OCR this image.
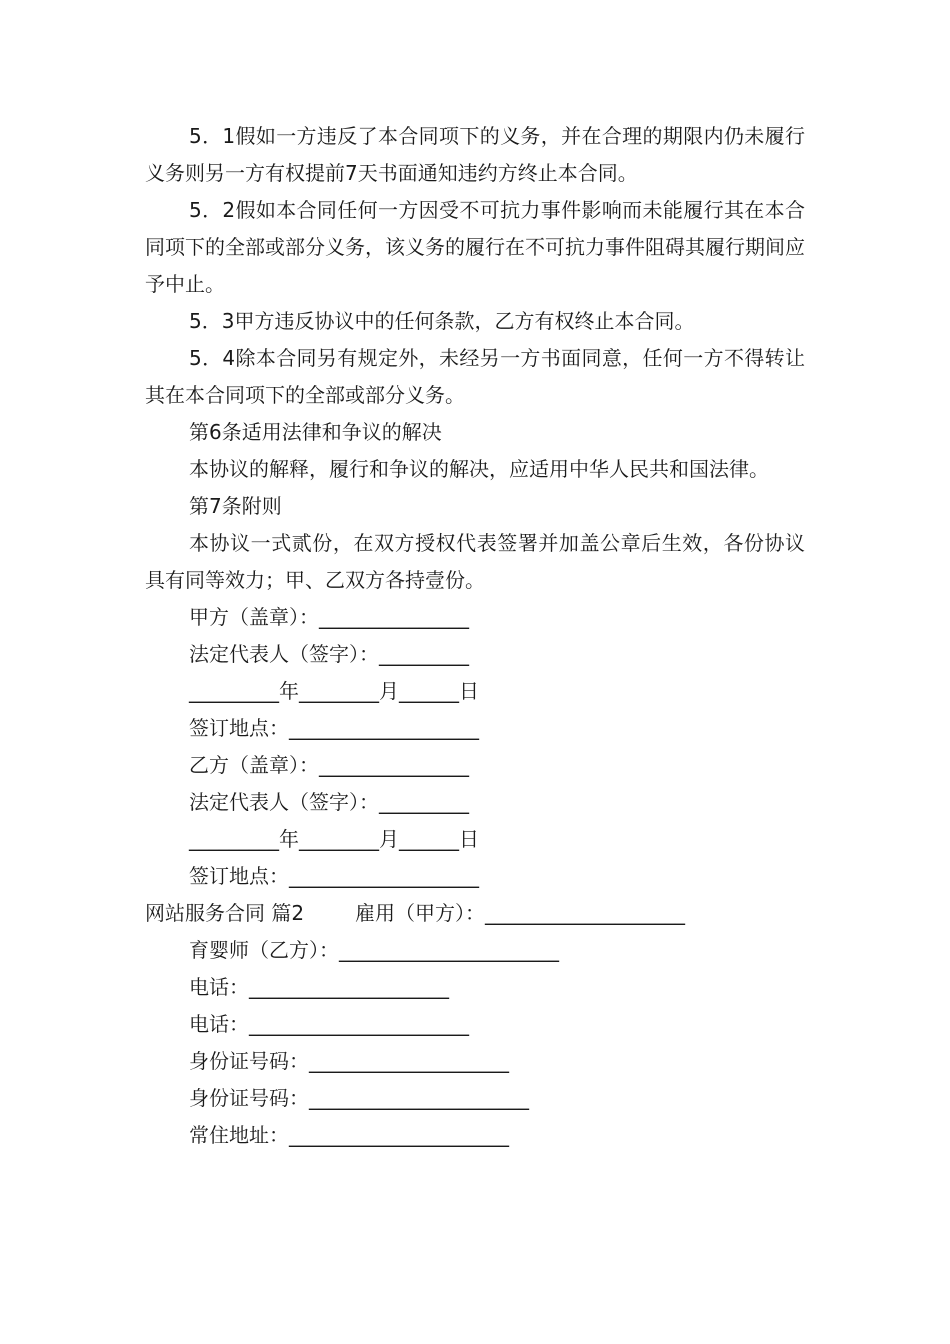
5．1假如一方违反了本合同项下的义务，并在合理的期限内仍未履行义务则另一方有权提前7天书面通知违约方终止本合同。

5．2假如本合同任何一方因受不可抗力事件影响而未能履行其在本合同项下的全部或部分义务，该义务的履行在不可抗力事件阻碍其履行期间应予中止。

5．3甲方违反协议中的任何条款，乙方有权终止本合同。

5．4除本合同另有规定外，未经另一方书面同意，任何一方不得转让其在本合同项下的全部或部分义务。

第6条适用法律和争议的解决

本协议的解释，履行和争议的解决，应适用中华人民共和国法律。

第7条附则

本协议一式贰份，在双方授权代表签署并加盖公章后生效，各份协议具有同等效力；甲、乙双方各持壹份。

甲方（盖章）：_______________

法定代表人（签字）：_________

_________年________月______日

签订地点：___________________

乙方（盖章）：_______________

法定代表人（签字）：_________

_________年________月______日

签订地点：___________________

网站服务合同 篇2	雇用（甲方）：____________________

育婴师（乙方）：______________________

电话：____________________

电话：______________________

身份证号码：____________________

身份证号码：______________________

常住地址：______________________
